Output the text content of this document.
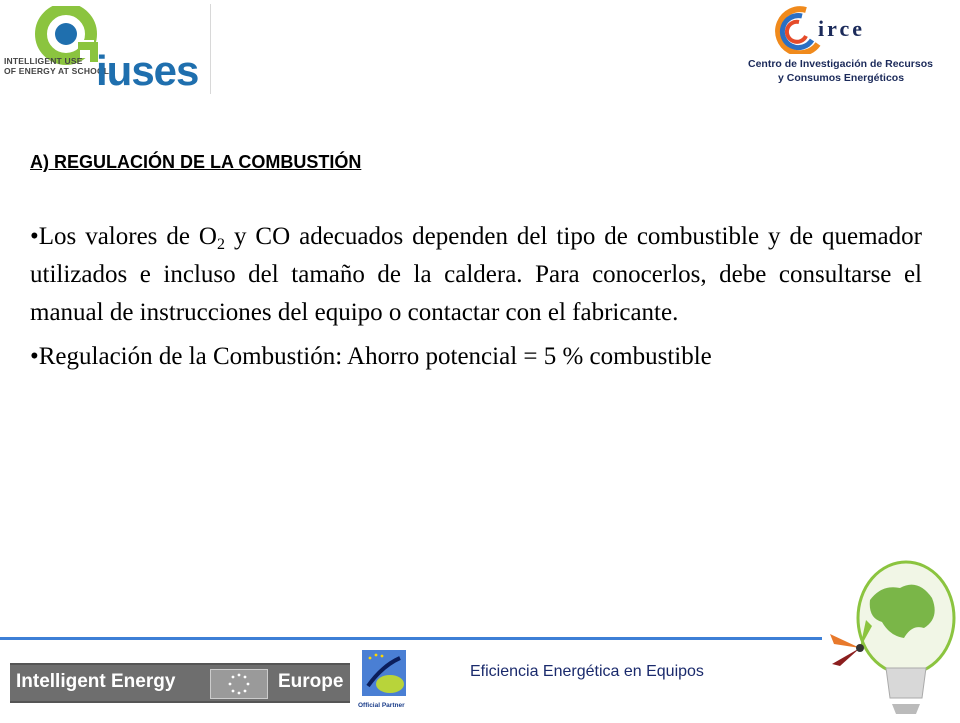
INTELLIGENT USE
OF ENERGY AT SCHOOL
iuses
irce
Centro de Investigación de Recursos
y Consumos Energéticos
A) REGULACIÓN DE LA COMBUSTIÓN

•Los valores de $O_2$ y CO adecuados dependen del tipo de combustible y de quemador utilizados e incluso del tamaño de la caldera. Para conocerlos, debe consultarse el manual de instrucciones del equipo o contactar con el fabricante.

•Regulación de la Combustión: Ahorro potencial = 5 % combustible

Intelligent Energy	Europe
Official Partner
Eficiencia Energética en Equipos
